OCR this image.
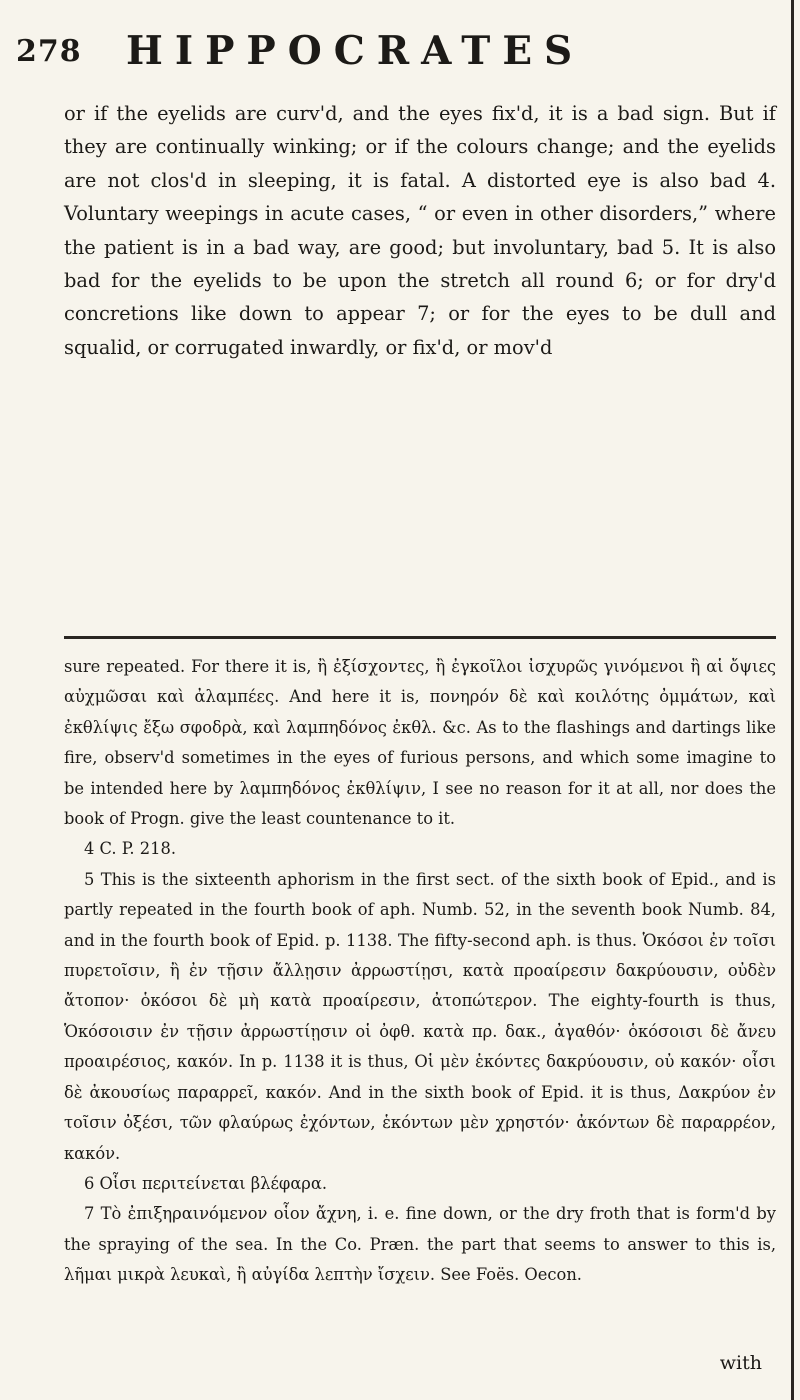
278 HIPPOCRATES

or if the eyelids are curv'd, and the eyes fix'd, it is a bad sign. But if they are continually winking; or if the colours change; and the eyelids are not clos'd in sleeping, it is fatal. A distorted eye is also bad 4. Voluntary weepings in acute cases, “ or even in other disorders,” where the patient is in a bad way, are good; but involuntary, bad 5. It is also bad for the eyelids to be upon the stretch all round 6; or for dry'd concretions like down to appear 7; or for the eyes to be dull and squalid, or corrugated inwardly, or fix'd, or mov'd

sure repeated. For there it is, ἢ ἐξίσχοντες, ἢ ἐγκοῖλοι ἰσχυρῶς γινόμενοι ἢ αἱ ὄψιες αὐχμῶσαι καὶ ἀλαμπέες. And here it is, πονηρόν δὲ καὶ κοιλότης ὀμμάτων, καὶ ἐκθλίψις ἔξω σφοδρὰ, καὶ λαμπηδόνος ἐκθλ. &c. As to the flashings and dartings like fire, observ'd sometimes in the eyes of furious persons, and which some imagine to be intended here by λαμπηδόνος ἐκθλίψιν, I see no reason for it at all, nor does the book of Progn. give the least countenance to it.

4 C. P. 218.

5 This is the sixteenth aphorism in the first sect. of the sixth book of Epid., and is partly repeated in the fourth book of aph. Numb. 52, in the seventh book Numb. 84, and in the fourth book of Epid. p. 1138. The fifty-second aph. is thus. Ὁκόσοι ἐν τοῖσι πυρετοῖσιν, ἢ ἐν τῇσιν ἄλλῃσιν ἀρρωστίῃσι, κατὰ προαίρεσιν δακρύουσιν, οὐδὲν ἄτοπον· ὁκόσοι δὲ μὴ κατὰ προαίρεσιν, ἀτοπώτερον. The eighty-fourth is thus, Ὁκόσοισιν ἐν τῇσιν ἀρρωστίῃσιν οἱ ὀφθ. κατὰ πρ. δακ., ἀγαθόν· ὁκόσοισι δὲ ἄνευ προαιρέσιος, κακόν. In p. 1138 it is thus, Οἱ μὲν ἑκόντες δακρύουσιν, οὐ κακόν· οἷσι δὲ ἀκουσίως παραρρεῖ, κακόν. And in the sixth book of Epid. it is thus, Δακρύον ἐν τοῖσιν ὀξέσι, τῶν φλαύρως ἐχόντων, ἑκόντων μὲν χρηστόν· ἀκόντων δὲ παραρρέον, κακόν.

6 Οἷσι περιτείνεται βλέφαρα.

7 Τὸ ἐπιξηραινόμενον οἷον ἄχνη, i. e. fine down, or the dry froth that is form'd by the spraying of the sea. In the Co. Præn. the part that seems to answer to this is, λῆμαι μικρὰ λευκαὶ, ἢ αὐγίδα λεπτὴν ἴσχειν. See Foës. Oecon.

with
